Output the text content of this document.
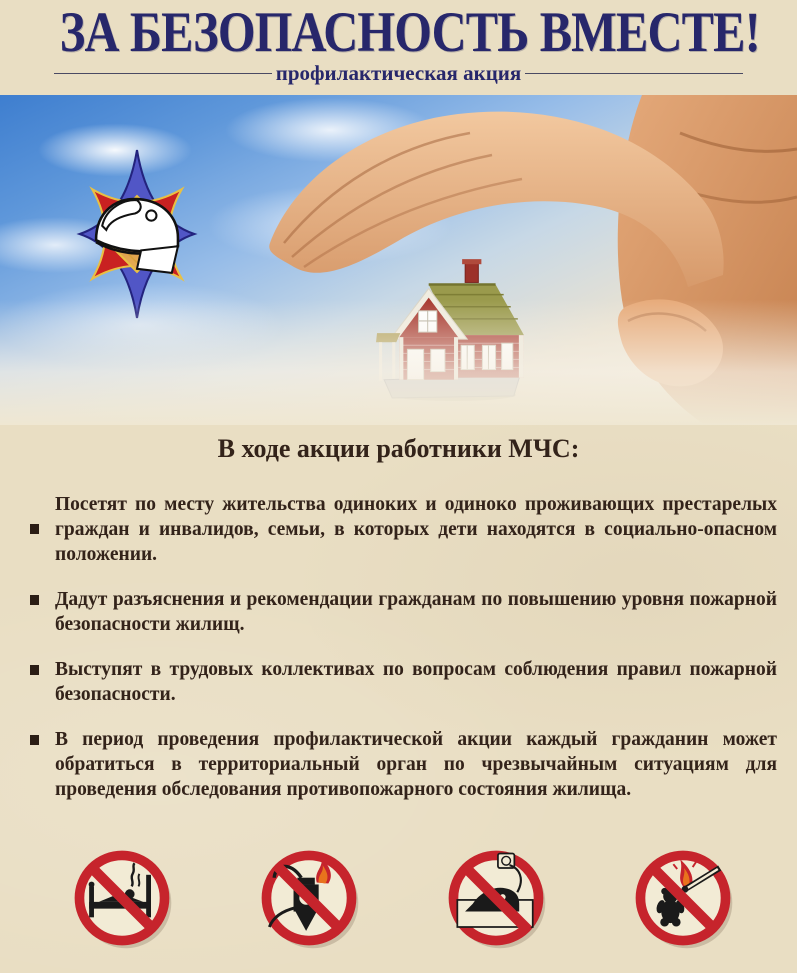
ЗА БЕЗОПАСНОСТЬ ВМЕСТЕ!
профилактическая акция
В ходе акции работники МЧС:

Посетят по месту жительства одиноких и одиноко проживающих престарелых граждан и инвалидов, семьи, в которых дети находятся в социально-опасном положении.

Дадут разъяснения и рекомендации гражданам по повышению уровня пожарной безопасности жилищ.

Выступят в трудовых коллективах по вопросам соблюдения правил пожарной безопасности.

В период проведения профилактической акции каждый гражданин может обратиться в территориальный орган по чрезвычайным ситуациям для проведения обследования противопожарного состояния жилища.
